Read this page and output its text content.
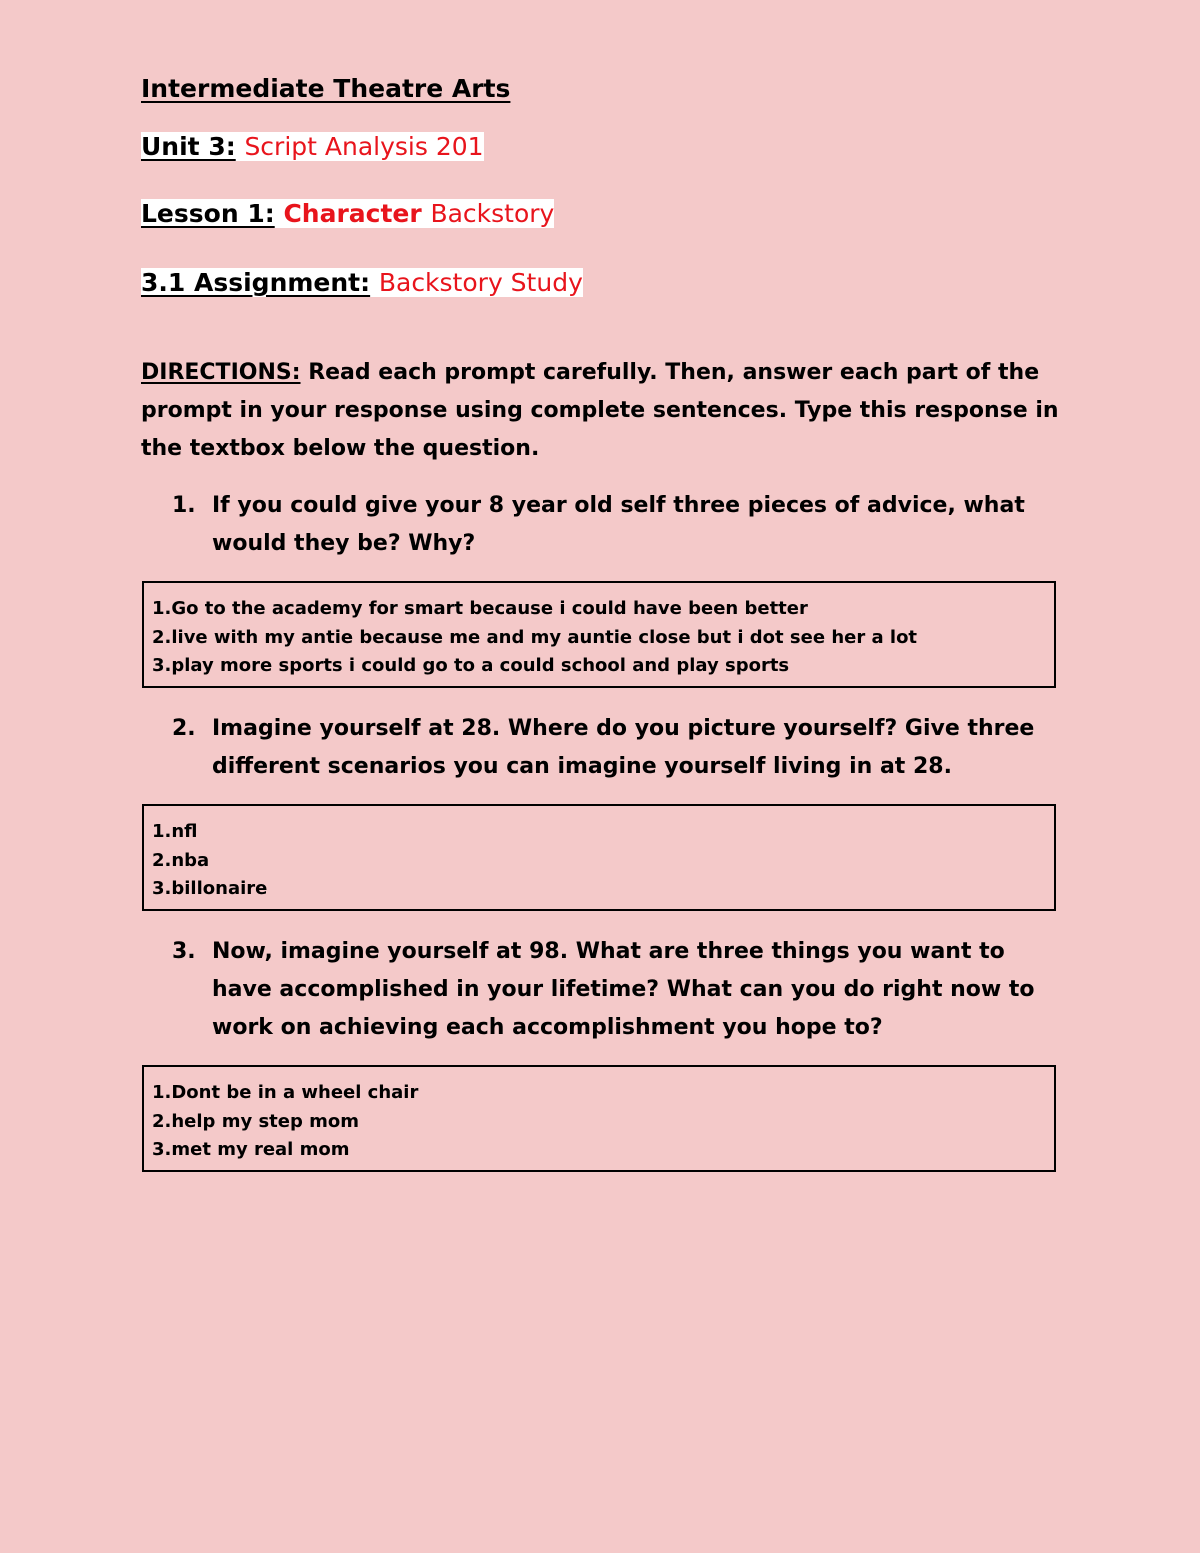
Intermediate Theatre Arts
Unit 3: Script Analysis 201
Lesson 1: Character Backstory
3.1 Assignment: Backstory Study
DIRECTIONS: Read each prompt carefully. Then, answer each part of the prompt in your response using complete sentences. Type this response in the textbox below the question.
1. If you could give your 8 year old self three pieces of advice, what would they be? Why?
1.Go to the academy for smart because i could have been better
2.live with my antie because me and my auntie close but i dot see her a lot
3.play more sports i could go to a could school and play sports
2. Imagine yourself at 28. Where do you picture yourself? Give three different scenarios you can imagine yourself living in at 28.
1.nfl
2.nba
3.billonaire
3. Now, imagine yourself at 98. What are three things you want to have accomplished in your lifetime? What can you do right now to work on achieving each accomplishment you hope to?
1.Dont be in a wheel chair
2.help my step mom
3.met my real mom
